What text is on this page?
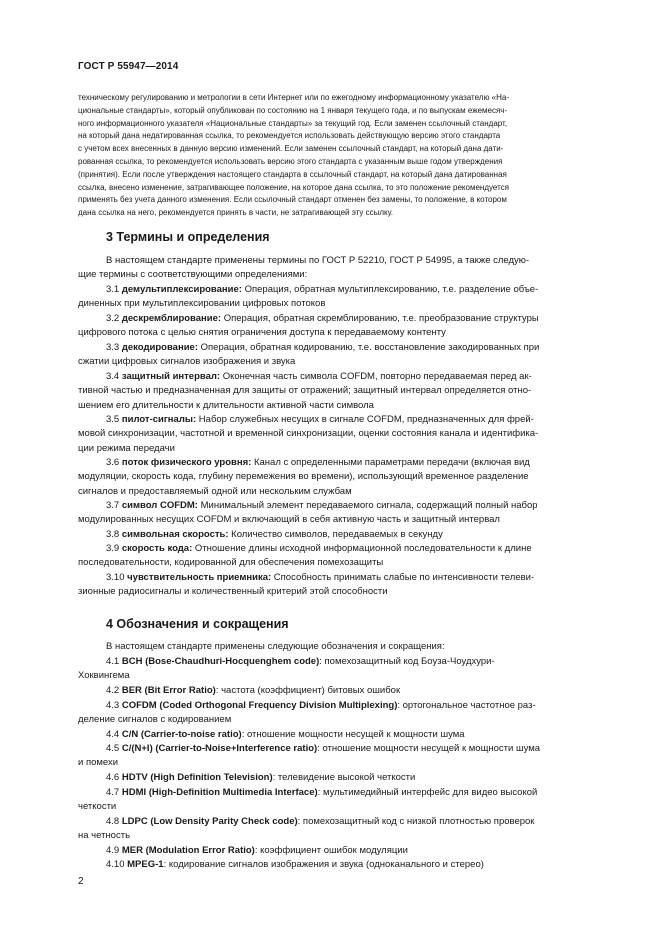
ГОСТ Р 55947—2014
техническому регулированию и метрологии в сети Интернет или по ежегодному информационному указателю «На-
циональные стандарты», который опубликован по состоянию на 1 января текущего года, и по выпускам ежемесяч-
ного информационного указателя «Национальные стандарты» за текущий год. Если заменен ссылочный стандарт,
на который дана недатированная ссылка, то рекомендуется использовать действующую версию этого стандарта
с учетом всех внесенных в данную версию изменений. Если заменен ссылочный стандарт, на который дана дати-
рованная ссылка, то рекомендуется использовать версию этого стандарта с указанным выше годом утверждения
(принятия). Если после утверждения настоящего стандарта в ссылочный стандарт, на который дана датированная
ссылка, внесено изменение, затрагивающее положение, на которое дана ссылка, то это положение рекомендуется
применять без учета данного изменения. Если ссылочный стандарт отменен без замены, то положение, в котором
дана ссылка на него, рекомендуется принять в части, не затрагивающей эту ссылку.
3 Термины и определения
В настоящем стандарте применены термины по ГОСТ Р 52210, ГОСТ Р 54995, а также следую-
щие термины с соответствующими определениями:
3.1 демультиплексирование: Операция, обратная мультиплексированию, т.е. разделение объе-
диненных при мультиплексировании цифровых потоков
3.2 дескремблирование: Операция, обратная скремблированию, т.е. преобразование структуры
цифрового потока с целью снятия ограничения доступа к передаваемому контенту
3.3 декодирование: Операция, обратная кодированию, т.е. восстановление закодированных при
сжатии цифровых сигналов изображения и звука
3.4 защитный интервал: Оконечная часть символа COFDM, повторно передаваемая перед ак-
тивной частью и предназначенная для защиты от отражений; защитный интервал определяется отно-
шением его длительности к длительности активной части символа
3.5 пилот-сигналы: Набор служебных несущих в сигнале COFDM, предназначенных для фрей-
мовой синхронизации, частотной и временной синхронизации, оценки состояния канала и идентифика-
ции режима передачи
3.6 поток физического уровня: Канал с определенными параметрами передачи (включая вид
модуляции, скорость кода, глубину перемежения во времени), использующий временное разделение
сигналов и предоставляемый одной или нескольким службам
3.7 символ COFDM: Минимальный элемент передаваемого сигнала, содержащий полный набор
модулированных несущих COFDM и включающий в себя активную часть и защитный интервал
3.8 символьная скорость: Количество символов, передаваемых в секунду
3.9 скорость кода: Отношение длины исходной информационной последовательности к длине
последовательности, кодированной для обеспечения помехозащиты
3.10 чувствительность приемника: Способность принимать слабые по интенсивности телеви-
зионные радиосигналы и количественный критерий этой способности
4 Обозначения и сокращения
В настоящем стандарте применены следующие обозначения и сокращения:
4.1 BCH (Bose-Chaudhuri-Hocquenghem code): помехозащитный код Боуза-Чоудхури-
Хоквингема
4.2 BER (Bit Error Ratio): частота (коэффициент) битовых ошибок
4.3 COFDM (Coded Orthogonal Frequency Division Multiplexing): ортогональное частотное раз-
деление сигналов с кодированием
4.4 C/N (Carrier-to-noise ratio): отношение мощности несущей к мощности шума
4.5 C/(N+I) (Carrier-to-Noise+Interference ratio): отношение мощности несущей к мощности шума
и помехи
4.6 HDTV (High Definition Television): телевидение высокой четкости
4.7 HDMI (High-Definition Multimedia Interface): мультимедийный интерфейс для видео высокой
четкости
4.8 LDPC (Low Density Parity Check code): помехозащитный код с низкой плотностью проверок
на четность
4.9 MER (Modulation Error Ratio): коэффициент ошибок модуляции
4.10 MPEG-1: кодирование сигналов изображения и звука (одноканального и стерео)
2
